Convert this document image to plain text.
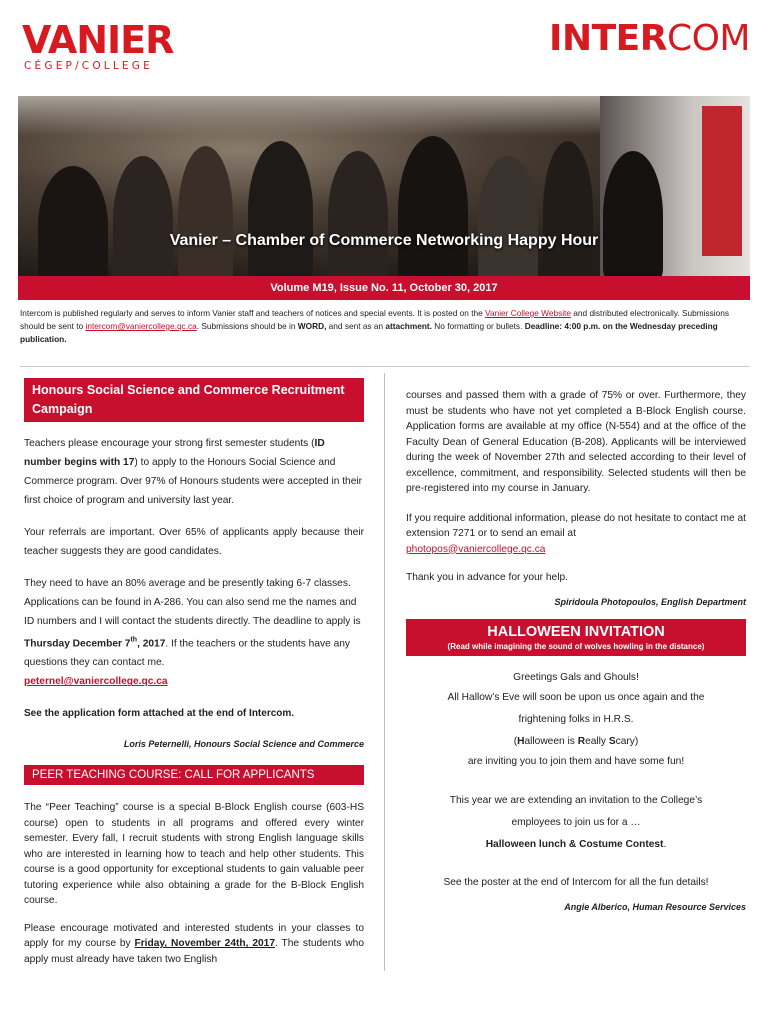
VANIER
CÉGEP/COLLEGE
INTERCOM
Vanier – Chamber of Commerce Networking Happy Hour
Volume M19, Issue No. 11, October 30, 2017
Intercom is published regularly and serves to inform Vanier staff and teachers of notices and special events. It is posted on the Vanier College Website and distributed electronically. Submissions should be sent to intercom@vaniercollege.qc.ca. Submissions should be in WORD, and sent as an attachment. No formatting or bullets. Deadline: 4:00 p.m. on the Wednesday preceding publication.
Honours Social Science and Commerce Recruitment Campaign

Teachers please encourage your strong first semester students (ID number begins with 17) to apply to the Honours Social Science and Commerce program. Over 97% of Honours students were accepted in their first choice of program and university last year.

Your referrals are important. Over 65% of applicants apply because their teacher suggests they are good candidates.

They need to have an 80% average and be presently taking 6-7 classes. Applications can be found in A-286. You can also send me the names and ID numbers and I will contact the students directly. The deadline to apply is Thursday December 7th, 2017. If the teachers or the students have any questions they can contact me.
peternel@vaniercollege.qc.ca

See the application form attached at the end of Intercom.

Loris Peternelli, Honours Social Science and Commerce

PEER TEACHING COURSE: CALL FOR APPLICANTS

The “Peer Teaching” course is a special B-Block English course (603-HS course) open to students in all programs and offered every winter semester. Every fall, I recruit students with strong English language skills who are interested in learning how to teach and help other students. This course is a good opportunity for exceptional students to gain valuable peer tutoring experience while also obtaining a grade for the B-Block English course.

Please encourage motivated and interested students in your classes to apply for my course by Friday, November 24th, 2017. The students who apply must already have taken two English

courses and passed them with a grade of 75% or over. Furthermore, they must be students who have not yet completed a B-Block English course. Application forms are available at my office (N-554) and at the office of the Faculty Dean of General Education (B-208). Applicants will be interviewed during the week of November 27th and selected according to their level of excellence, commitment, and responsibility. Selected students will then be pre-registered into my course in January.

If you require additional information, please do not hesitate to contact me at extension 7271 or to send an email at
photopos@vaniercollege.qc.ca

Thank you in advance for your help.

Spiridoula Photopoulos, English Department

HALLOWEEN INVITATION
(Read while imagining the sound of wolves howling in the distance)

Greetings Gals and Ghouls!

All Hallow’s Eve will soon be upon us once again and the

frightening folks in H.R.S.

(Halloween is Really Scary)

are inviting you to join them and have some fun!

This year we are extending an invitation to the College’s

employees to join us for a …

Halloween lunch & Costume Contest.

See the poster at the end of Intercom for all the fun details!

Angie Alberico, Human Resource Services
